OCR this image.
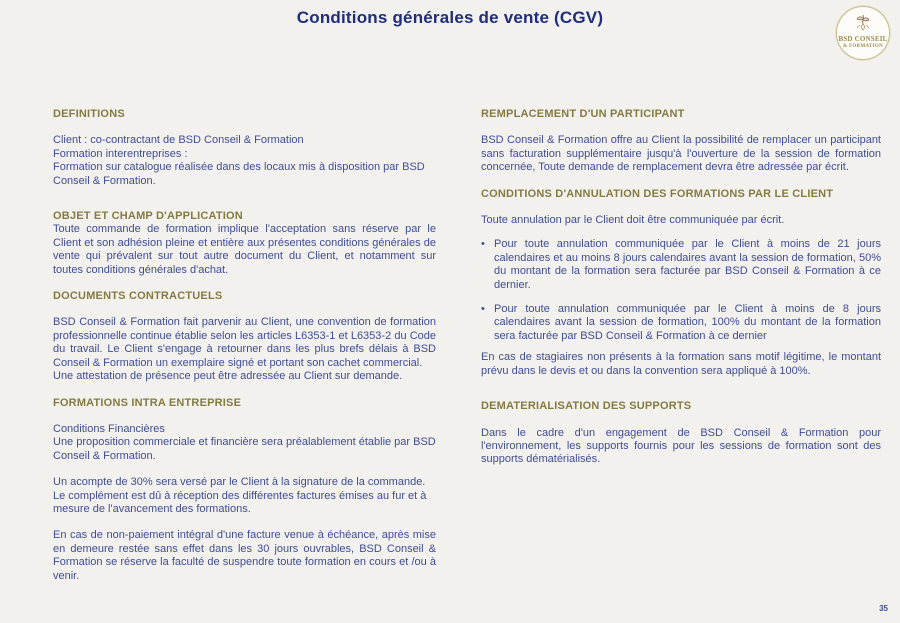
Conditions générales de vente (CGV)
BSD CONSEIL
& FORMATION
DEFINITIONS
Client : co-contractant de BSD Conseil & Formation
Formation interentreprises :
Formation sur catalogue réalisée dans des locaux mis à disposition par BSD Conseil & Formation.
OBJET ET CHAMP D'APPLICATION
Toute commande de formation implique l'acceptation sans réserve par le Client et son adhésion pleine et entière aux présentes conditions générales de vente qui prévalent sur tout autre document du Client, et notamment sur toutes conditions générales d'achat.
DOCUMENTS CONTRACTUELS
BSD Conseil & Formation fait parvenir au Client, une convention de formation professionnelle continue établie selon les articles L6353-1 et L6353-2 du Code du travail. Le Client s'engage à retourner dans les plus brefs délais à BSD Conseil & Formation un exemplaire signé et portant son cachet commercial.
Une attestation de présence peut être adressée au Client sur demande.
FORMATIONS INTRA ENTREPRISE
Conditions Financières
Une proposition commerciale et financière sera préalablement établie par BSD Conseil & Formation.
Un acompte de 30% sera versé par le Client à la signature de la commande.
Le complément est dû à réception des différentes factures émises au fur et à mesure de l'avancement des formations.
En cas de non-paiement intégral d'une facture venue à échéance, après mise en demeure restée sans effet dans les 30 jours ouvrables, BSD Conseil & Formation se réserve la faculté de suspendre toute formation en cours et /ou à venir.
REMPLACEMENT D'UN PARTICIPANT
BSD Conseil & Formation offre au Client la possibilité de remplacer un participant sans facturation supplémentaire jusqu'à l'ouverture de la session de formation concernée, Toute demande de remplacement devra être adressée par écrit.
CONDITIONS D'ANNULATION DES FORMATIONS PAR LE CLIENT
Toute annulation par le Client doit être communiquée par écrit.
• Pour toute annulation communiquée par le Client à moins de 21 jours calendaires et au moins 8 jours calendaires avant la session de formation, 50% du montant de la formation sera facturée par BSD Conseil & Formation à ce dernier.
• Pour toute annulation communiquée par le Client à moins de 8 jours calendaires avant la session de formation, 100% du montant de la formation sera facturée par BSD Conseil & Formation à ce dernier
En cas de stagiaires non présents à la formation sans motif légitime, le montant prévu dans le devis et ou dans la convention sera appliqué à 100%.
DEMATERIALISATION DES SUPPORTS
Dans le cadre d'un engagement de BSD Conseil & Formation pour l'environnement, les supports fournis pour les sessions de formation sont des supports dématérialisés.
35
